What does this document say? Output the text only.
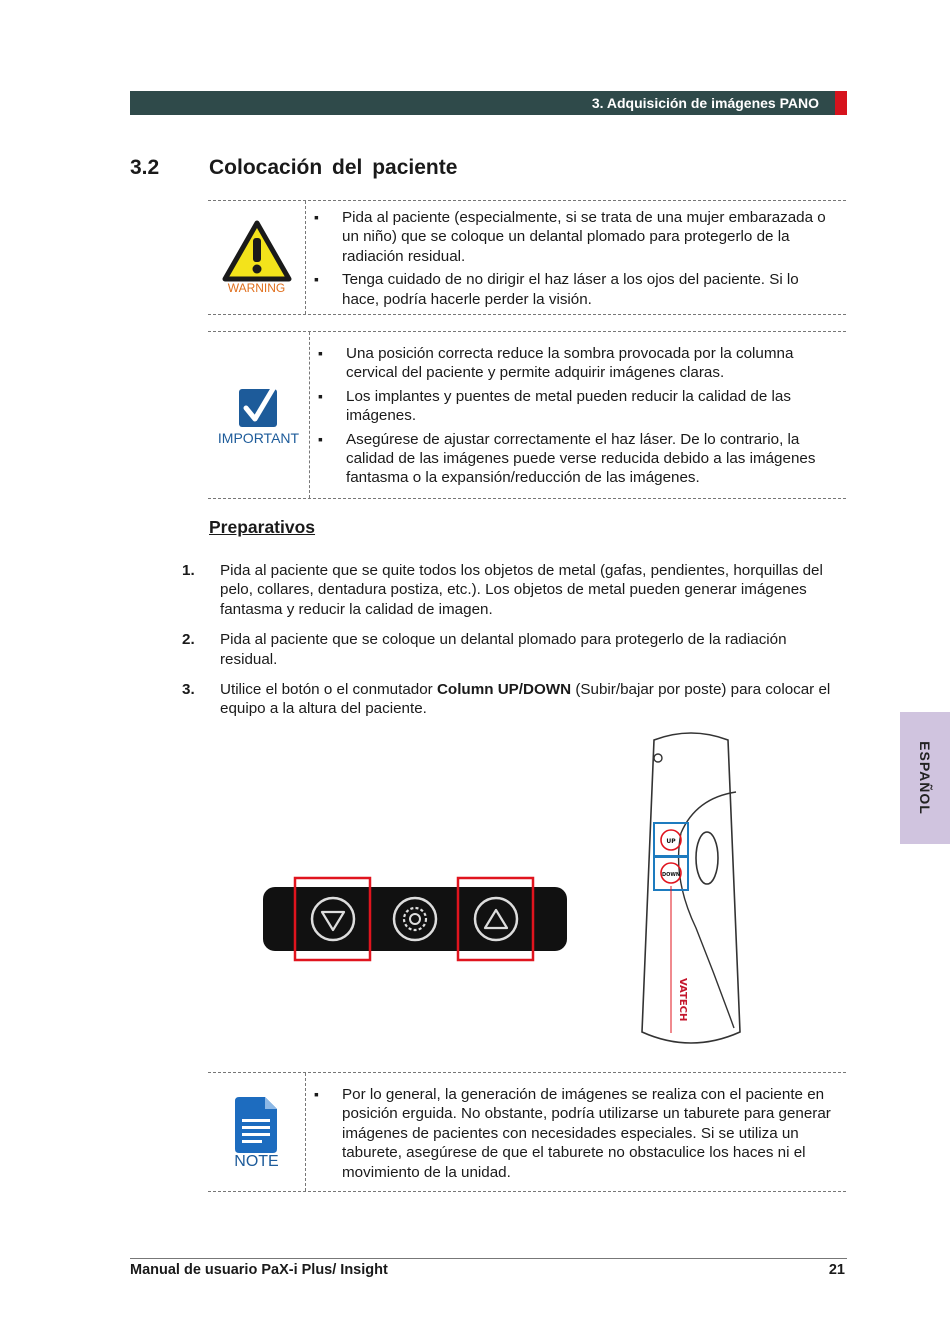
3. Adquisición de imágenes PANO
3.2 Colocación del paciente
WARNING
▪ Pida al paciente (especialmente, si se trata de una mujer embarazada o un niño) que se coloque un delantal plomado para protegerlo de la radiación residual.
▪ Tenga cuidado de no dirigir el haz láser a los ojos del paciente. Si lo hace, podría hacerle perder la visión.
IMPORTANT
▪ Una posición correcta reduce la sombra provocada por la columna cervical del paciente y permite adquirir imágenes claras.
▪ Los implantes y puentes de metal pueden reducir la calidad de las imágenes.
▪ Asegúrese de ajustar correctamente el haz láser. De lo contrario, la calidad de las imágenes puede verse reducida debido a las imágenes fantasma o la expansión/reducción de las imágenes.
Preparativos
1. Pida al paciente que se quite todos los objetos de metal (gafas, pendientes, horquillas del pelo, collares, dentadura postiza, etc.). Los objetos de metal pueden generar imágenes fantasma y reducir la calidad de imagen.
2. Pida al paciente que se coloque un delantal plomado para protegerlo de la radiación residual.
3. Utilice el botón o el conmutador Column UP/DOWN (Subir/bajar por poste) para colocar el equipo a la altura del paciente.
UP
DOWN
VATECH
NOTE
▪ Por lo general, la generación de imágenes se realiza con el paciente en posición erguida. No obstante, podría utilizarse un taburete para generar imágenes de pacientes con necesidades especiales. Si se utiliza un taburete, asegúrese de que el taburete no obstaculice los haces ni el movimiento de la unidad.
ESPAÑOL
Manual de usuario PaX-i Plus/ Insight	21
